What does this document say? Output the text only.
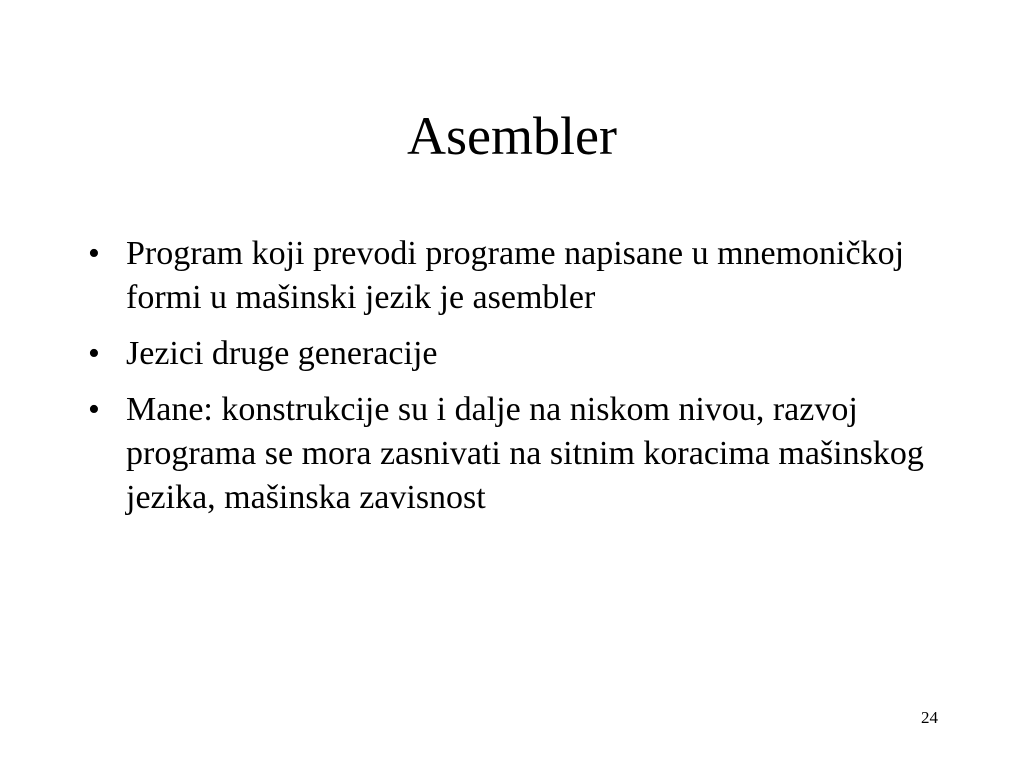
Asembler
• Program koji prevodi programe napisane u mnemoničkoj formi u mašinski jezik je asembler
• Jezici druge generacije
• Mane: konstrukcije su i dalje na niskom nivou, razvoj programa se mora zasnivati na sitnim koracima mašinskog jezika, mašinska zavisnost
24
